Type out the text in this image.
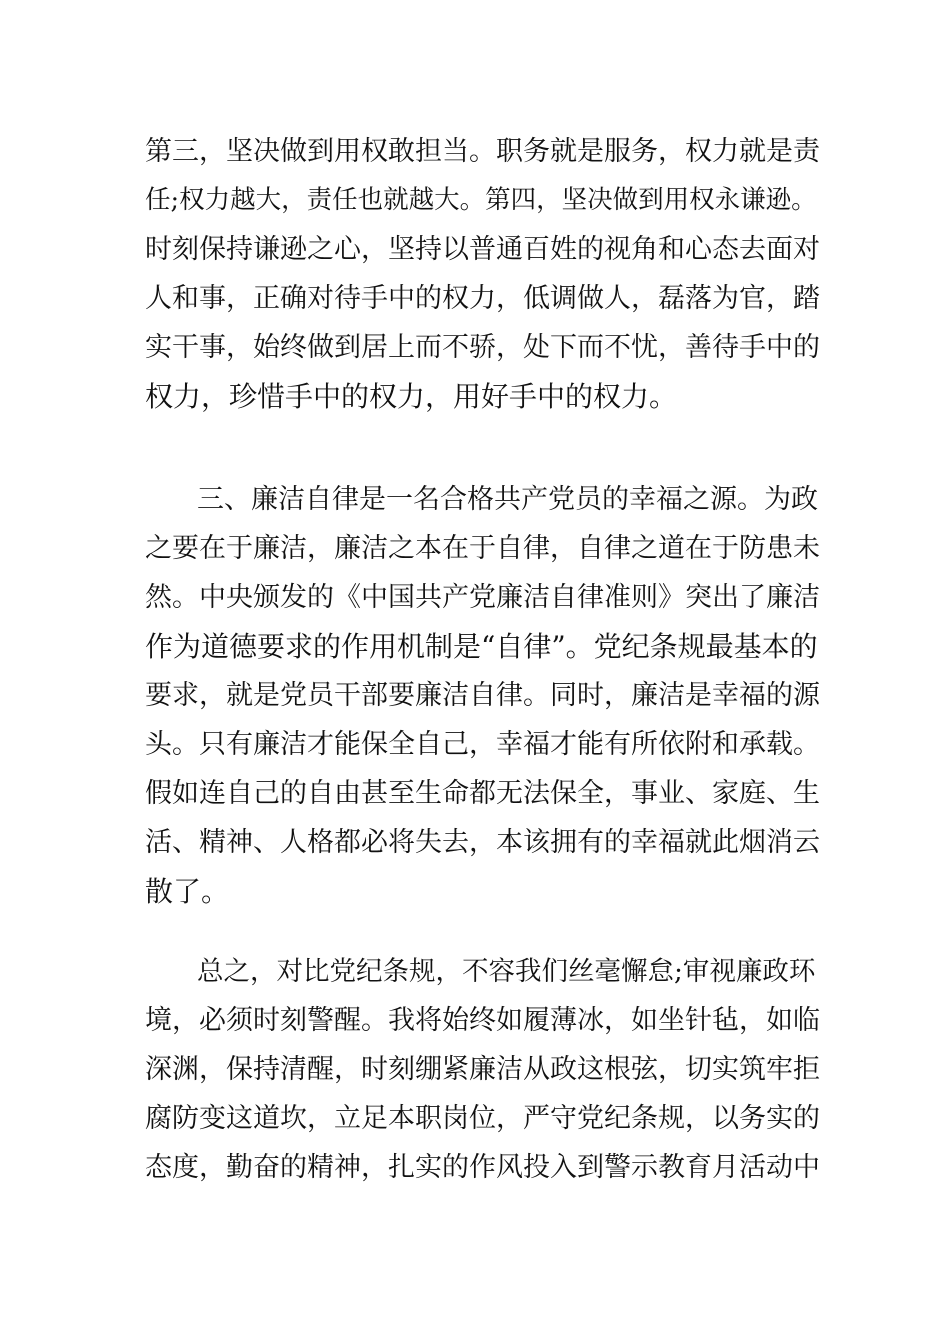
第三，坚决做到用权敢担当。职务就是服务，权力就是责
任;权力越大，责任也就越大。第四，坚决做到用权永谦逊。
时刻保持谦逊之心，坚持以普通百姓的视角和心态去面对
人和事，正确对待手中的权力，低调做人，磊落为官，踏
实干事，始终做到居上而不骄，处下而不忧，善待手中的
权力，珍惜手中的权力，用好手中的权力。
三、廉洁自律是一名合格共产党员的幸福之源。为政
之要在于廉洁，廉洁之本在于自律，自律之道在于防患未
然。中央颁发的《中国共产党廉洁自律准则》突出了廉洁
作为道德要求的作用机制是“自律”。党纪条规最基本的
要求，就是党员干部要廉洁自律。同时，廉洁是幸福的源
头。只有廉洁才能保全自己，幸福才能有所依附和承载。
假如连自己的自由甚至生命都无法保全，事业、家庭、生
活、精神、人格都必将失去，本该拥有的幸福就此烟消云
散了。
总之，对比党纪条规，不容我们丝毫懈怠;审视廉政环
境，必须时刻警醒。我将始终如履薄冰，如坐针毡，如临
深渊，保持清醒，时刻绷紧廉洁从政这根弦，切实筑牢拒
腐防变这道坎，立足本职岗位，严守党纪条规，以务实的
态度，勤奋的精神，扎实的作风投入到警示教育月活动中
